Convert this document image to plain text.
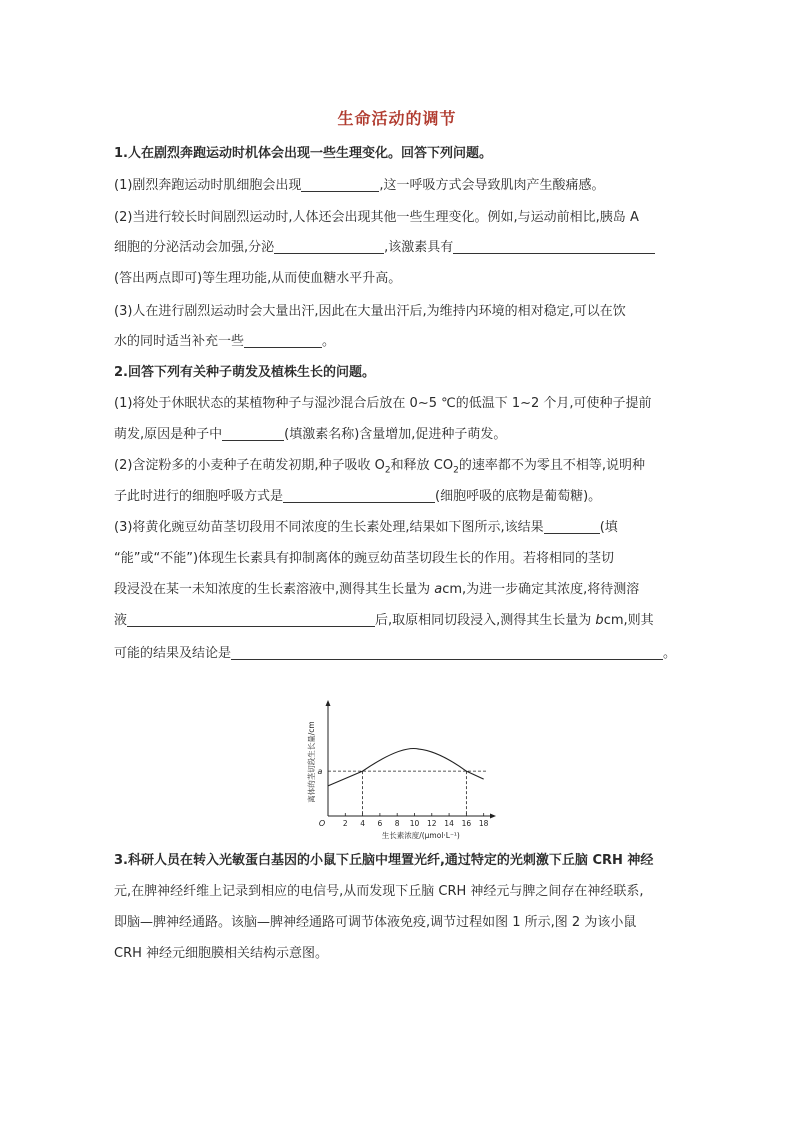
生命活动的调节
1.人在剧烈奔跑运动时机体会出现一些生理变化。回答下列问题。
(1)剧烈奔跑运动时肌细胞会出现	,这一呼吸方式会导致肌肉产生酸痛感。
(2)当进行较长时间剧烈运动时,人体还会出现其他一些生理变化。例如,与运动前相比,胰岛 A
细胞的分泌活动会加强,分泌	,该激素具有
(答出两点即可)等生理功能,从而使血糖水平升高。
(3)人在进行剧烈运动时会大量出汗,因此在大量出汗后,为维持内环境的相对稳定,可以在饮
水的同时适当补充一些	。
2.回答下列有关种子萌发及植株生长的问题。
(1)将处于休眠状态的某植物种子与湿沙混合后放在 0~5 ℃的低温下 1~2 个月,可使种子提前
萌发,原因是种子中	(填激素名称)含量增加,促进种子萌发。
(2)含淀粉多的小麦种子在萌发初期,种子吸收 $O_2$和释放 $CO_2$的速率都不为零且不相等,说明种
子此时进行的细胞呼吸方式是	(细胞呼吸的底物是葡萄糖)。
(3)将黄化豌豆幼苗茎切段用不同浓度的生长素处理,结果如下图所示,该结果	(填
“能”或“不能”)体现生长素具有抑制离体的豌豆幼苗茎切段生长的作用。若将相同的茎切
段浸没在某一未知浓度的生长素溶液中,测得其生长量为 acm,为进一步确定其浓度,将待测溶
液	后,取原相同切段浸入,测得其生长量为 bcm,则其
可能的结果及结论是	。
2 4 6 8 10 12 14 16 18
O
生长素浓度/(μmol·L⁻¹)
离体的茎切段生长量/cm a
3.科研人员在转入光敏蛋白基因的小鼠下丘脑中埋置光纤,通过特定的光刺激下丘脑 CRH 神经
元,在脾神经纤维上记录到相应的电信号,从而发现下丘脑 CRH 神经元与脾之间存在神经联系,
即脑—脾神经通路。该脑—脾神经通路可调节体液免疫,调节过程如图 1 所示,图 2 为该小鼠
CRH 神经元细胞膜相关结构示意图。
